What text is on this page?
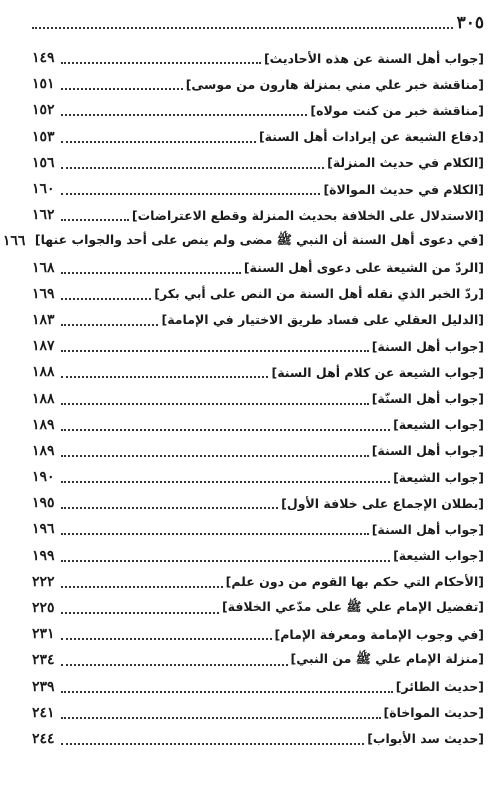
٣٠٥
[جواب أهل السنة عن هذه الأحاديث]
١٤٩
[مناقشة خبر علي مني بمنزلة هارون من موسى]
١٥١
[مناقشة خبر من كنت مولاه]
١٥٢
[دفاع الشيعة عن إيرادات أهل السنة]
١٥٣
[الكلام في حديث المنزلة]
١٥٦
[الكلام في حديث الموالاة]
١٦٠
[الاستدلال على الخلافة بحديث المنزلة وقطع الاعتراضات]
١٦٢
[في دعوى أهل السنة أن النبي ﷺ مضى ولم ينص على أحد والجواب عنها]
١٦٦
[الردّ من الشيعة على دعوى أهل السنة]
١٦٨
[ردّ الخبر الذي نقله أهل السنة من النص على أبي بكر]
١٦٩
[الدليل العقلي على فساد طريق الاختيار في الإمامة]
١٨٣
[جواب أهل السنة]
١٨٧
[جواب الشيعة عن كلام أهل السنة]
١٨٨
[جواب أهل السنّة]
١٨٨
[جواب الشيعة]
١٨٩
[جواب أهل السنة]
١٨٩
[جواب الشيعة]
١٩٠
[بطلان الإجماع على خلافة الأول]
١٩٥
[جواب أهل السنة]
١٩٦
[جواب الشيعة]
١٩٩
[الأحكام التي حكم بها القوم من دون علم]
٢٢٢
[تفضيل الإمام علي ﷺ على مدّعي الخلافة]
٢٢٥
[في وجوب الإمامة ومعرفة الإمام]
٢٣١
[منزلة الإمام علي ﷺ من النبي]
٢٣٤
[حديث الطائر]
٢٣٩
[حديث المواخاة]
٢٤١
[حديث سد الأبواب]
٢٤٤
